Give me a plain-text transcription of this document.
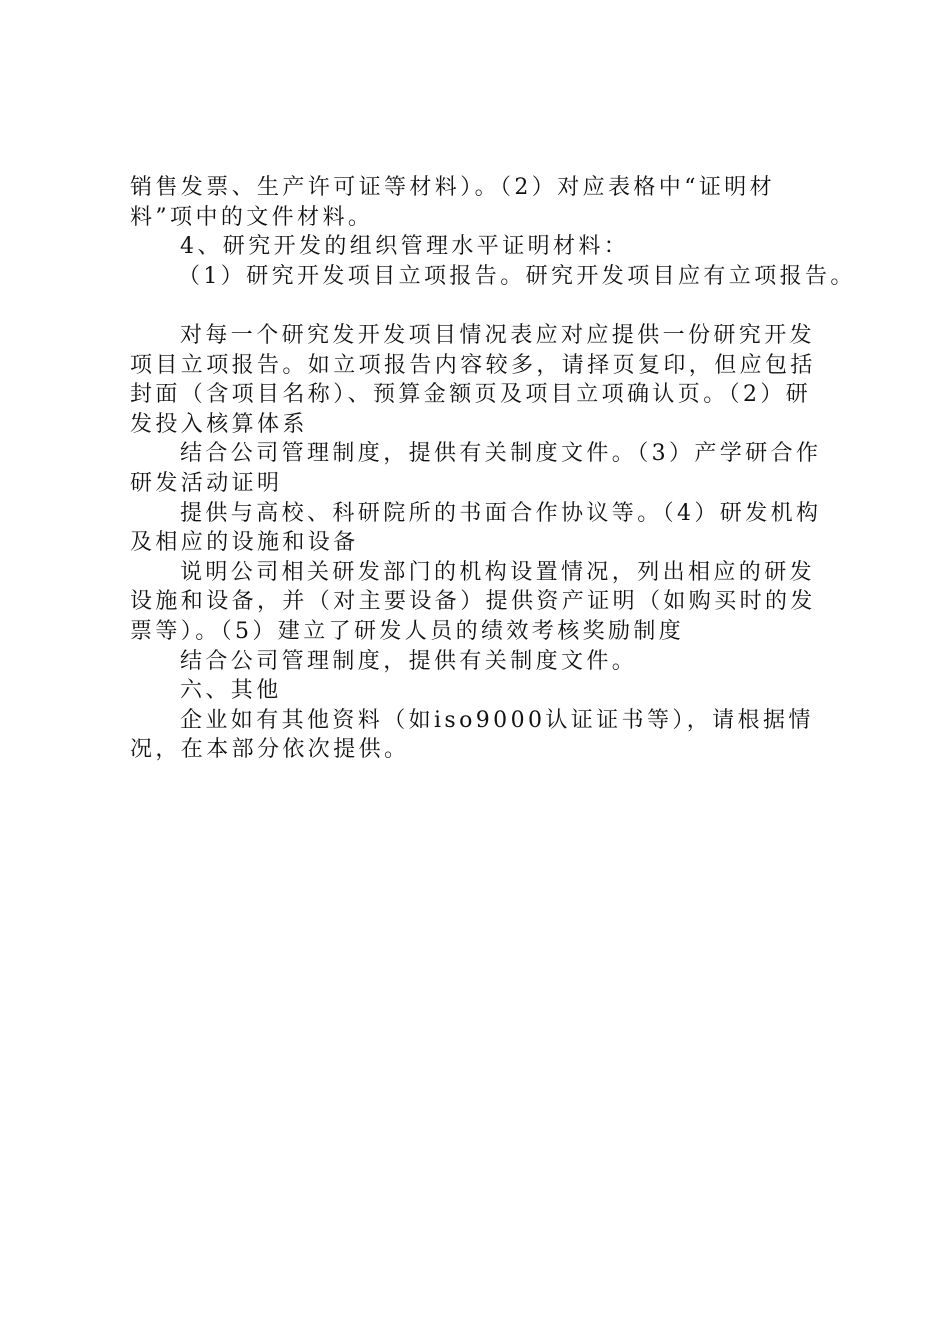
销售发票、生产许可证等材料）。（2）对应表格中“证明材
料”项中的文件材料。
4、研究开发的组织管理水平证明材料：
（1）研究开发项目立项报告。研究开发项目应有立项报告。
对每一个研究发开发项目情况表应对应提供一份研究开发
项目立项报告。如立项报告内容较多，请择页复印，但应包括
封面（含项目名称）、预算金额页及项目立项确认页。（2）研
发投入核算体系
结合公司管理制度，提供有关制度文件。（3）产学研合作
研发活动证明
提供与高校、科研院所的书面合作协议等。（4）研发机构
及相应的设施和设备
说明公司相关研发部门的机构设置情况，列出相应的研发
设施和设备，并（对主要设备）提供资产证明（如购买时的发
票等）。（5）建立了研发人员的绩效考核奖励制度
结合公司管理制度，提供有关制度文件。
六、其他
企业如有其他资料（如iso9000认证证书等），请根据情
况，在本部分依次提供。
